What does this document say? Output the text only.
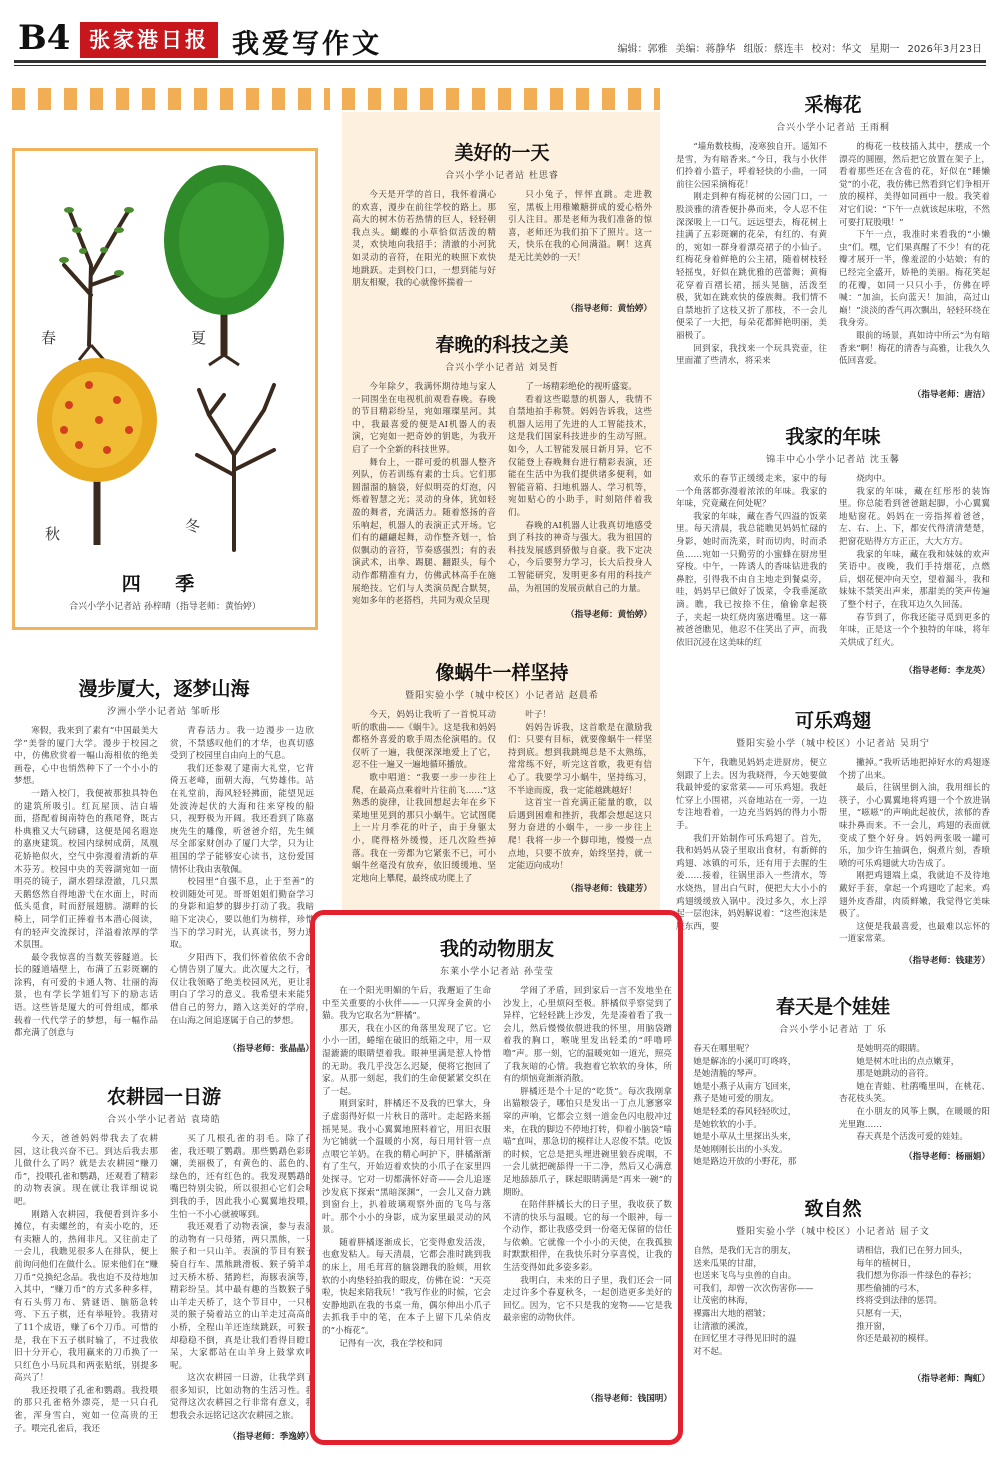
B4 张家港日报 我爱写作文	编辑：郭雅 美编：蒋静华 组版：蔡连丰 校对：华文 星期一 2026年3月23日
春	夏
秋	冬
四 季
合兴小学小记者站 孙梓晴（指导老师：黄怡婷）
美好的一天
合兴小学小记者站 杜思睿

今天是开学的首日，我怀着满心的欢喜，漫步在前往学校的路上。那高大的树木仿若热情的巨人，轻轻朝我点头。蝴蝶的小草恰似活泼的精灵，欢快地向我招手；清澈的小河犹如灵动的音符，在阳光的映照下欢快地跳跃。走到校门口，一想到能与好朋友相聚，我的心就像怀揣着一

只小兔子，怦怦直跳。走进教室，黑板上用稚嫩糖拼成的爱心格外引人注目。那是老师为我们准备的惊喜，老师还为我们拍下了照片。这一天，快乐在我的心间满溢。啊！这真是无比美妙的一天！

（指导老师：黄怡婷）
春晚的科技之美
合兴小学小记者站 刘昊哲

今年除夕，我满怀期待地与家人一同围坐在电视机前观看春晚。春晚的节目精彩纷呈，宛如璀璨星河。其中，我最喜爱的便是AI机器人的表演，它宛如一把奇妙的钥匙，为我开启了一个全新的科技世界。

舞台上，一群可爱的机器人整齐列队，仿若训练有素的士兵。它们那圆溜溜的脑袋，好似明亮的灯泡，闪烁着智慧之光；灵动的身体，犹如轻盈的舞者，充满活力。随着悠扬的音乐响起，机器人的表演正式开场。它们有的翩翩起舞，动作整齐划一，恰似飘动的音符，节奏感强烈；有的表演武术，出拳、踢腿、翻跟头，每个动作都精准有力，仿佛武林高手在施展绝技。它们与人类演员配合默契，宛如多年的老搭档，共同为观众呈现

了一场精彩绝伦的视听盛宴。

看着这些聪慧的机器人，我情不自禁地拍手称赞。妈妈告诉我，这些机器人运用了先进的人工智能技术，这是我们国家科技进步的生动写照。如今，人工智能发展日新月异，它不仅能登上春晚舞台进行精彩表演，还能在生活中为我们提供诸多便利，如智能音箱、扫地机器人、学习机等，宛如贴心的小助手，时刻陪伴着我们。

春晚的AI机器人让我真切地感受到了科技的神奇与强大。我为祖国的科技发展感到骄傲与自豪。我下定决心，今后要努力学习，长大后投身人工智能研究，发明更多有用的科技产品，为祖国的发展贡献自己的力量。

（指导老师：黄怡婷）
像蜗牛一样坚持
暨阳实验小学（城中校区）小记者站 赵晨希

今天，妈妈让我听了一首悦耳动听的歌曲——《蜗牛》。这是我和妈妈都格外喜爱的歌手周杰伦演唱的。仅仅听了一遍，我便深深地爱上了它，忍不住一遍又一遍地循环播放。

歌中唱道：“我要一步一步往上爬，在最高点乘着叶片往前飞……”这熟悉的旋律，让我回想起去年在乡下菜地里见到的那只小蜗牛。它试图爬上一片月季花的叶子，由于身躯太小，爬得格外缓慢，还几次险些掉落。我在一旁都为它紧张不已，可小蜗牛丝毫没有放弃，依旧缓缓地、坚定地向上攀爬，最终成功爬上了

叶子！

妈妈告诉我，这首歌是在激励我们：只要有目标，就要像蜗牛一样坚持到底。想到我跳绳总是不太熟练，常常练不好，听完这首歌，我更有信心了。我要学习小蜗牛，坚持练习，不半途而废，我一定能越跳越好！

这首宝一首充满正能量的歌，以后遇到困难和挫折，我都会想起这只努力奋进的小蜗牛，一步一步往上爬！我将一步一个脚印地，慢慢一点点地，只要不放弃，始终坚持，就一定能迈向成功！

（指导老师：钱建芳）
我的动物朋友
东莱小学小记者站 孙莹莹

在一个阳光明媚的午后，我邂逅了生命中至关重要的小伙伴——一只浑身金黄的小猫。我为它取名为“胖橘”。

那天，我在小区的角落里发现了它。它小小一团，蜷缩在破旧的纸箱之中，用一双湿漉漉的眼睛望着我。眼神里满是惹人怜惜的无助。我几乎没怎么迟疑，便将它抱回了家。从那一刻起，我们的生命便紧紧交织在了一起。

刚到家时，胖橘还不及我的巴掌大，身子虚弱得好似一片秋日的落叶。走起路来摇摇晃晃。我小心翼翼地照料着它，用旧衣服为它铺就一个温暖的小窝，每日用针管一点点喂它羊奶。在我的精心呵护下，胖橘渐渐有了生气，开始迈着欢快的小爪子在家里四处探寻。它对一切都满怀好奇——会儿追逐沙发底下探索“黑暗深渊”，一会儿又奋力跳到窗台上，扒着玻璃观察外面的飞鸟与落叶。那个小小的身影，成为家里最灵动的风景。

随着胖橘逐渐成长，它变得愈发活泼，也愈发粘人。每天清晨，它都会准时跳到我的床上，用毛茸茸的脑袋蹭我的脸颊，用软软的小肉垫轻拍我的眼皮，仿佛在说：“天亮啦，快起来陪我玩！”我写作业的时候，它会安静地趴在我的书桌一角，偶尔伸出小爪子去抓我手中的笔，在本子上留下几朵俏皮的“小梅花”。

记得有一次，我在学校和同

学闹了矛盾，回到家后一言不发地坐在沙发上，心里烦闷至极。胖橘似乎察觉到了异样，它轻轻跳上沙发，先是凑着看了我一会儿，然后慢慢依偎进我的怀里，用脑袋蹭着我的胸口，喉咙里发出轻柔的“呼噜呼噜”声。那一刻，它的温暖宛如一道光，照亮了我灰暗的心情。我抱着它软软的身体，所有的烦恼竟渐渐消散。

胖橘还是个十足的“吃货”。每次我刚拿出猫粮袋子，哪怕只是发出一丁点儿窸窸窣窣的声响，它都会立刻一道金色闪电般冲过来，在我的脚边不停地打转，仰着小脑袋“喵喵”直叫，那急切的模样让人忍俊不禁。吃饭的时候，它总是把头埋进碗里狼吞虎咽，不一会儿就把碗舔得一干二净，然后又心满意足地舔舔爪子，眯起眼睛满是“再来一碗”的期盼。

在陪伴胖橘长大的日子里，我收获了数不清的快乐与温暖。它的每一个眼神，每一个动作，都让我感受到一份毫无保留的信任与依赖。它就像一个小小的天使，在我孤独时默默相伴，在我快乐时分享喜悦，让我的生活变得如此多姿多彩。

我明白，未来的日子里，我们还会一同走过许多个春夏秋冬，一起创造更多美好的回忆。因为，它不只是我的宠物——它是我最亲密的动物伙伴。

（指导老师：钱国明）
采梅花
合兴小学小记者站 王雨桐

“墙角数枝梅，凌寒独自开。遥知不是雪，为有暗香来。”今日，我与小伙伴们拎着小篮子，呼着轻快的小曲，一同前往公园采摘梅花！

刚走到种有梅花树的公园门口，一股淡雅的清香便扑鼻而来，令人忍不住深深吸上一口气。远远望去，梅花树上挂满了五彩斑斓的花朵，有红的、有黄的，宛如一群身着漂亮裙子的小仙子。红梅花身着鲜艳的公主裙，随着树枝轻轻摇曳，好似在跳优雅的芭蕾舞；黄梅花穿着百褶长裙，摇头晃脑，活泼至极，犹如在跳欢快的傣族舞。我们情不自禁地折了这枝又折了那枝，不一会儿便采了一大把，每朵花都鲜艳明丽，美丽极了。

回到家，我找来一个玩具瓷壶，往里面灌了些清水，将采来

的梅花一枝枝插入其中，摆成一个漂亮的圆圈，然后把它放置在架子上，看着那些还在含苞的花，好似在“睡懒觉”的小花，我仿佛已然看到它们争相开放的模样，美得如同画中一般。我笑着对它们说：“下午一点就该起床啦，不然可要打屁股哦！”

下午一点，我准时来看我的“小懒虫”们。嘿，它们果真醒了不少！有的花瓣才展开一半，像羞涩的小姑娘；有的已经完全盛开，娇艳的美丽。梅花笑起的花瓣，如同一只只小手，仿佛在呼喊：“加油，长向蓝天！加油，高过山巅！”淡淡的香气再次飘出，轻轻环绕在我身旁。

眼前的场景，真如诗中所云“为有暗香来”啊！梅花的清香与高雅，让我久久低回喜爱。

（指导老师：唐洁）
我家的年味
锦丰中心小学小记者站 沈玉馨

欢乐的春节正缓缓走来，家中的每一个角落都弥漫着浓浓的年味。我家的年味，究竟藏在何处呢？

我家的年味，藏在香气四溢的饭菜里。每天清晨，我总能瞧见妈妈忙碌的身影，她时而洗菜，时而切肉，时而杀鱼……宛如一只勤劳的小蜜蜂在厨房里穿梭。中午，一阵诱人的香味钻进我的鼻腔，引得我不由自主地走到餐桌旁，哇，妈妈早已做好了饭菜，令我垂涎欲滴。瞧，我已按捺不住，偷偷拿起筷子，夹起一块红烧肉塞进嘴里。这一幕被爸爸瞧见，他忍不住笑出了声，而我依旧沉浸在这美味的红

烧肉中。

我家的年味，藏在红彤彤的装饰里。你总能看到爸爸踮起脚，小心翼翼地贴窗花。妈妈在一旁指挥着爸爸，左、右、上、下，都安代得清清楚楚，把窗花贴得方方正正，大大方方。

我家的年味，藏在我和妹妹的欢声笑语中。夜晚，我们手持烟花，点燃后，烟花便冲向天空，望着漏斗，我和妹妹不禁笑出声来，那甜美的笑声传遍了整个村子，在我耳边久久回荡。

春节到了，你我还能寻觅到更多的年味，正是这一个个独特的年味，将年关烘成了红火。

（指导老师：李龙英）
可乐鸡翅
暨阳实验小学（城中校区）小记者站 吴玥宁

下午，我瞧见妈妈走进厨房，便立刻跟了上去。因为我晓得，今天她要做我最钟爱的家常菜——可乐鸡翅。我赶忙穿上小围裙，兴奋地站在一旁，一边专注地看着，一边充当妈妈的得力小帮手。

我们开始制作可乐鸡翅了。首先，我和妈妈从袋子里取出食材，有新鲜的鸡翅、冰镇的可乐，还有用于去腥的生姜……接着，往锅里添入一些清水，等水烧热，冒出白气时，便把大大小小的鸡翅缓缓放入锅中。没过多久，水上浮起一层泡沫，妈妈解说着：“这些泡沫是脏东西，要

撇掉。”我听话地把掉好水的鸡翅逐个捞了出来。

最后，往锅里倒入油，我用细长的筷子，小心翼翼地将鸡翅一个个放进锅里，“嗞嗞”的声响此起彼伏，浓郁的香味扑鼻而来。不一会儿，鸡翅的表面就变成了整个好身。妈妈两张吸一罐可乐，加少许生抽调色，焖煮片刻，香喷喷的可乐鸡翅就大功告成了。

刚把鸡翅端上桌，我就迫不及待地戴好手套，拿起一个鸡翅吃了起来。鸡翅外皮香甜，肉质鲜嫩，我觉得它美味极了。

这便是我最喜爱，也最难以忘怀的一道家常菜。

（指导老师：钱建芳）
春天是个娃娃
合兴小学小记者站 丁 乐

春天在哪里呢？

她是解冻的小溪叮叮咚咚，

是她清脆的琴声。

她是小燕子从南方飞回来，

燕子是她可爱的朋友。

她是轻柔的春风轻轻吹过，

是她软软的小手。

她是小草从土里探出头来，

是她刚刚长出的小头发。

她是路边开放的小野花，那

是她明亮的眼睛。

她是树木吐出的点点嫩芽，

那是她跳动的音符。

她在青蛙、杜鹃嘴里叫，在桃花、杏花枝头笑。

在小朋友的风筝上飘，在暖暖的阳光里跑……

春天真是个活泼可爱的娃娃。

（指导老师：杨丽娟）
致自然
暨阳实验小学（城中校区）小记者站 屈子文

自然，是我们无言的朋友，

送来瓜果的甘甜，

也送来飞鸟与虫兽的自由。

可我们，却曾一次次伤害你——

让茂密的林海，

裸露出大地的褶皱；

让清澈的溪流，

在回忆里才寻得见旧时的温

对不起。

请相信，我们已在努力回头，

每年的植树日，

我们想为你添一件绿色的春衫；

那些偷捕的弓木，

终将受到法律的惩罚。

只愿有一天，

推开窗，

你还是最初的模样。

（指导老师：陶虹）
漫步厦大，逐梦山海
汐洲小学小记者站 邹昕彤

寒假，我来到了素有“中国最美大学”美誉的厦门大学。漫步于校园之中，仿佛欣赏着一幅山海相依的绝美画卷，心中也悄然种下了一个小小的梦想。

一踏入校门，我便被那独具特色的建筑所吸引。红瓦屋顶、洁白墙面，搭配着闽南特色的燕尾脊，既古朴典雅又大气磅礴，这便是闻名遐迩的嘉庚建筑。校园内绿树成荫，凤凰花娇艳似火，空气中弥漫着清新的草木芬芳。校园中央的芙蓉湖宛如一面明亮的镜子，湖水碧绿澄澈，几只黑天鹅悠然自得地游弋在水面上，时而低头觅食，时而舒展翅膀。湖畔的长椅上，同学们正捧着书本潜心阅读，有的轻声交流探讨，洋溢着浓厚的学术氛围。

最令我惊喜的当数芙蓉隧道。长长的隧道墙壁上，布满了五彩斑斓的涂鸦，有可爱的卡通人物、壮丽的海景，也有学长学姐们写下的励志话语。这些皆是厦大的可骨组成，都承载着一代代学子的梦想，每一幅作品都充满了创意与

青春活力。我一边漫步一边欣赏，不禁感叹他们的才华，也真切感受到了校园里自由向上的气息。

我们还参观了建南大礼堂，它背倚五老峰，面朝大海，气势雄伟。站在礼堂前，海风轻轻拂面，能望见远处波涛起伏的大海和往来穿梭的船只，视野极为开阔。我还看到了陈嘉庚先生的雕像，听爸爸介绍，先生倾尽全部家财创办了厦门大学，只为让祖国的学子能够安心读书，这份爱国情怀让我由衷敬佩。

校园里“自强不息，止于至善”的校训随处可见。哥哥姐姐们勤奋学习的身影和追梦的脚步打动了我。我暗暗下定决心，要以他们为榜样，珍惜当下的学习时光，认真读书，努力进取。

夕阳西下，我们怀着依依不舍的心情告别了厦大。此次厦大之行，不仅让我领略了绝美校园风光，更让我明白了学习的意义。我希望未来能凭借自己的努力，踏入这美好的学府，在山海之间追逐属于自己的梦想。

（指导老师：张晶晶）
农耕园一日游
合兴小学小记者站 袁琦皓

今天，爸爸妈妈带我去了农耕园，这让我兴奋不已。到达后我去那儿做什么了吗？就是去农耕园“赚刀币”，投喂孔雀和鹦鹉，还观看了精彩的动物表演。现在就让我详细说说吧。

刚踏入农耕园，我便看到许多小摊位，有卖螺丝的，有卖小吃的，还有卖糖人的，热闹非凡。又往前走了一会儿，我瞧见很多人在排队，便上前询问他们在做什么。原来他们在“赚刀币”兑换纪念品。我也迫不及待地加入其中，“赚刀币”的方式多种多样，有石头剪刀布、猜谜语、脑筋急转弯、下五子棋，还有举哑铃。我猜对了11个成语，赚了6个刀币。可惜的是，我在下五子棋时输了，不过我依旧十分开心，我用赢来的刀币换了一只红色小马玩具和两张贴纸，别提多高兴了！

我还投喂了孔雀和鹦鹉。我投喂的那只孔雀格外漂亮，是一只白孔雀，浑身雪白，宛如一位高贵的王子。喂完孔雀后，我还

买了几根孔雀的羽毛。除了孔雀，我还喂了鹦鹉。那些鹦鹉色彩斑斓，美丽极了，有黄色的、蓝色的、绿色的，还有红色的。我发现鹦鹉的嘴巴特别尖锐，所以很担心它们会啄到我的手，因此我小心翼翼地投喂，生怕一不小心就被啄到。

我还观看了动物表演，参与表演的动物有一只母猪，两只黑熊，一只猴子和一只山羊。表演的节目有猴子骑自行车、黑熊跳滑板、猴子骑羊走过天桥木桥、猪跨栏，海豚表演等，精彩纷呈。其中最有趣的当数猴子骑山羊走天桥了，这个节目中，一只机灵的猴子骑着站立的山羊走过高高的小桥，全程山羊还连续跳跃，可猴子却稳稳不倒，真是让我们看得目瞪口呆，大家都站在山羊身上鼓掌欢呼呢。

这次农耕园一日游，让我学到了很多知识，比如动物的生活习性。我觉得这次农耕园之行非常有意义，我想我会永远铭记这次农耕园之旅。

（指导老师：季逸婷）
